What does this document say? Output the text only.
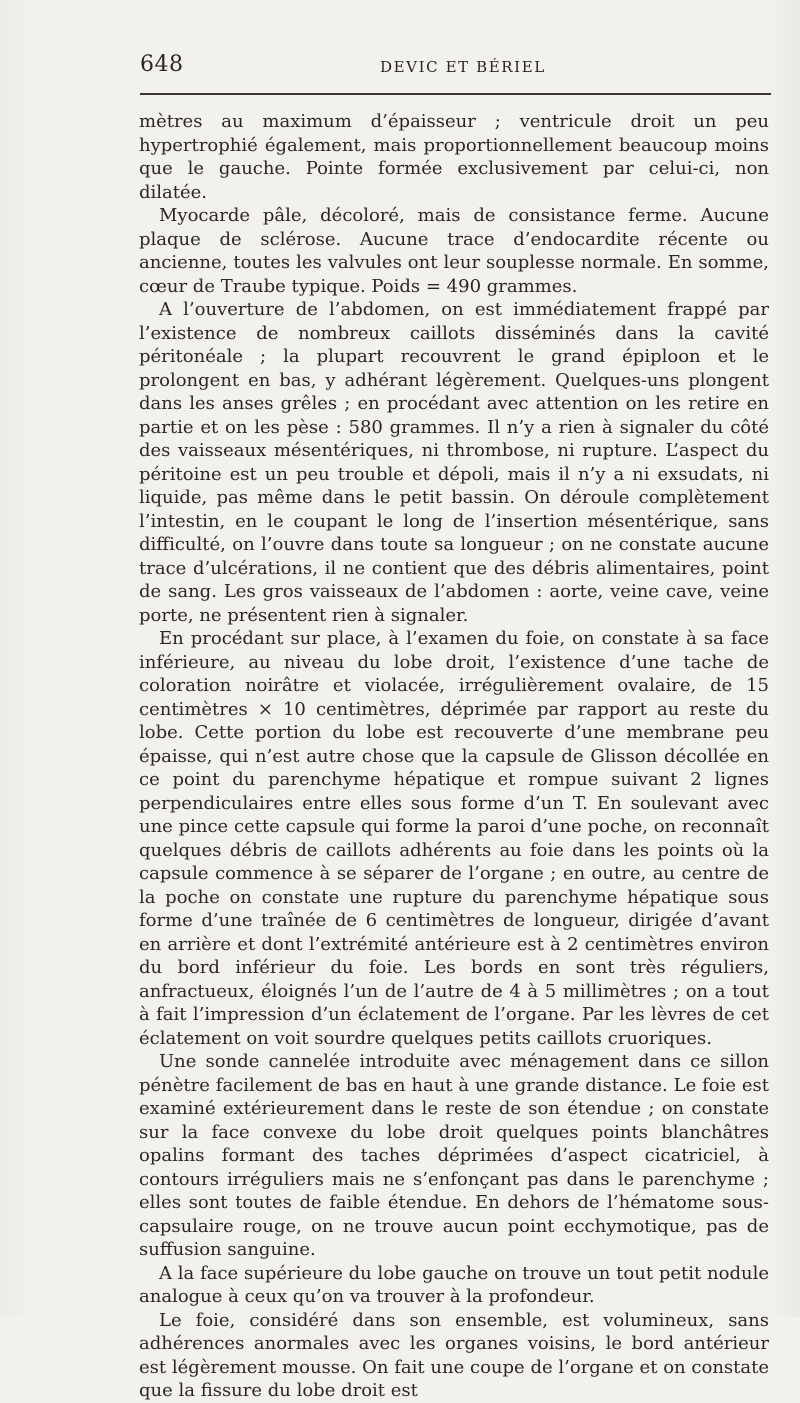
648	DEVIC ET BÉRIEL

mètres au maximum d’épaisseur ; ventricule droit un peu hypertrophié également, mais proportionnellement beaucoup moins que le gauche. Pointe formée exclusivement par celui-ci, non dilatée.

Myocarde pâle, décoloré, mais de consistance ferme. Aucune plaque de sclérose. Aucune trace d’endocardite récente ou ancienne, toutes les valvules ont leur souplesse normale. En somme, cœur de Traube typique. Poids = 490 grammes.

A l’ouverture de l’abdomen, on est immédiatement frappé par l’existence de nombreux caillots disséminés dans la cavité péritonéale ; la plupart recouvrent le grand épiploon et le prolongent en bas, y adhérant légèrement. Quelques-uns plongent dans les anses grêles ; en procédant avec attention on les retire en partie et on les pèse : 580 grammes. Il n’y a rien à signaler du côté des vaisseaux mésentériques, ni thrombose, ni rupture. L’aspect du péritoine est un peu trouble et dépoli, mais il n’y a ni exsudats, ni liquide, pas même dans le petit bassin. On déroule complètement l’intestin, en le coupant le long de l’insertion mésentérique, sans difficulté, on l’ouvre dans toute sa longueur ; on ne constate aucune trace d’ulcérations, il ne contient que des débris alimentaires, point de sang. Les gros vaisseaux de l’abdomen : aorte, veine cave, veine porte, ne présentent rien à signaler.

En procédant sur place, à l’examen du foie, on constate à sa face inférieure, au niveau du lobe droit, l’existence d’une tache de coloration noirâtre et violacée, irrégulièrement ovalaire, de 15 centimètres × 10 centimètres, déprimée par rapport au reste du lobe. Cette portion du lobe est recouverte d’une membrane peu épaisse, qui n’est autre chose que la capsule de Glisson décollée en ce point du parenchyme hépatique et rompue suivant 2 lignes perpendiculaires entre elles sous forme d’un T. En soulevant avec une pince cette capsule qui forme la paroi d’une poche, on reconnaît quelques débris de caillots adhérents au foie dans les points où la capsule commence à se séparer de l’organe ; en outre, au centre de la poche on constate une rupture du parenchyme hépatique sous forme d’une traînée de 6 centimètres de longueur, dirigée d’avant en arrière et dont l’extrémité antérieure est à 2 centimètres environ du bord inférieur du foie. Les bords en sont très réguliers, anfractueux, éloignés l’un de l’autre de 4 à 5 millimètres ; on a tout à fait l’impression d’un éclatement de l’organe. Par les lèvres de cet éclatement on voit sourdre quelques petits caillots cruoriques.

Une sonde cannelée introduite avec ménagement dans ce sillon pénètre facilement de bas en haut à une grande distance. Le foie est examiné extérieurement dans le reste de son étendue ; on constate sur la face convexe du lobe droit quelques points blanchâtres opalins formant des taches déprimées d’aspect cicatriciel, à contours irréguliers mais ne s’enfonçant pas dans le parenchyme ; elles sont toutes de faible étendue. En dehors de l’hématome sous-capsulaire rouge, on ne trouve aucun point ecchymotique, pas de suffusion sanguine.

A la face supérieure du lobe gauche on trouve un tout petit nodule analogue à ceux qu’on va trouver à la profondeur.

Le foie, considéré dans son ensemble, est volumineux, sans adhérences anormales avec les organes voisins, le bord antérieur est légèrement mousse. On fait une coupe de l’organe et on constate que la fissure du lobe droit est
